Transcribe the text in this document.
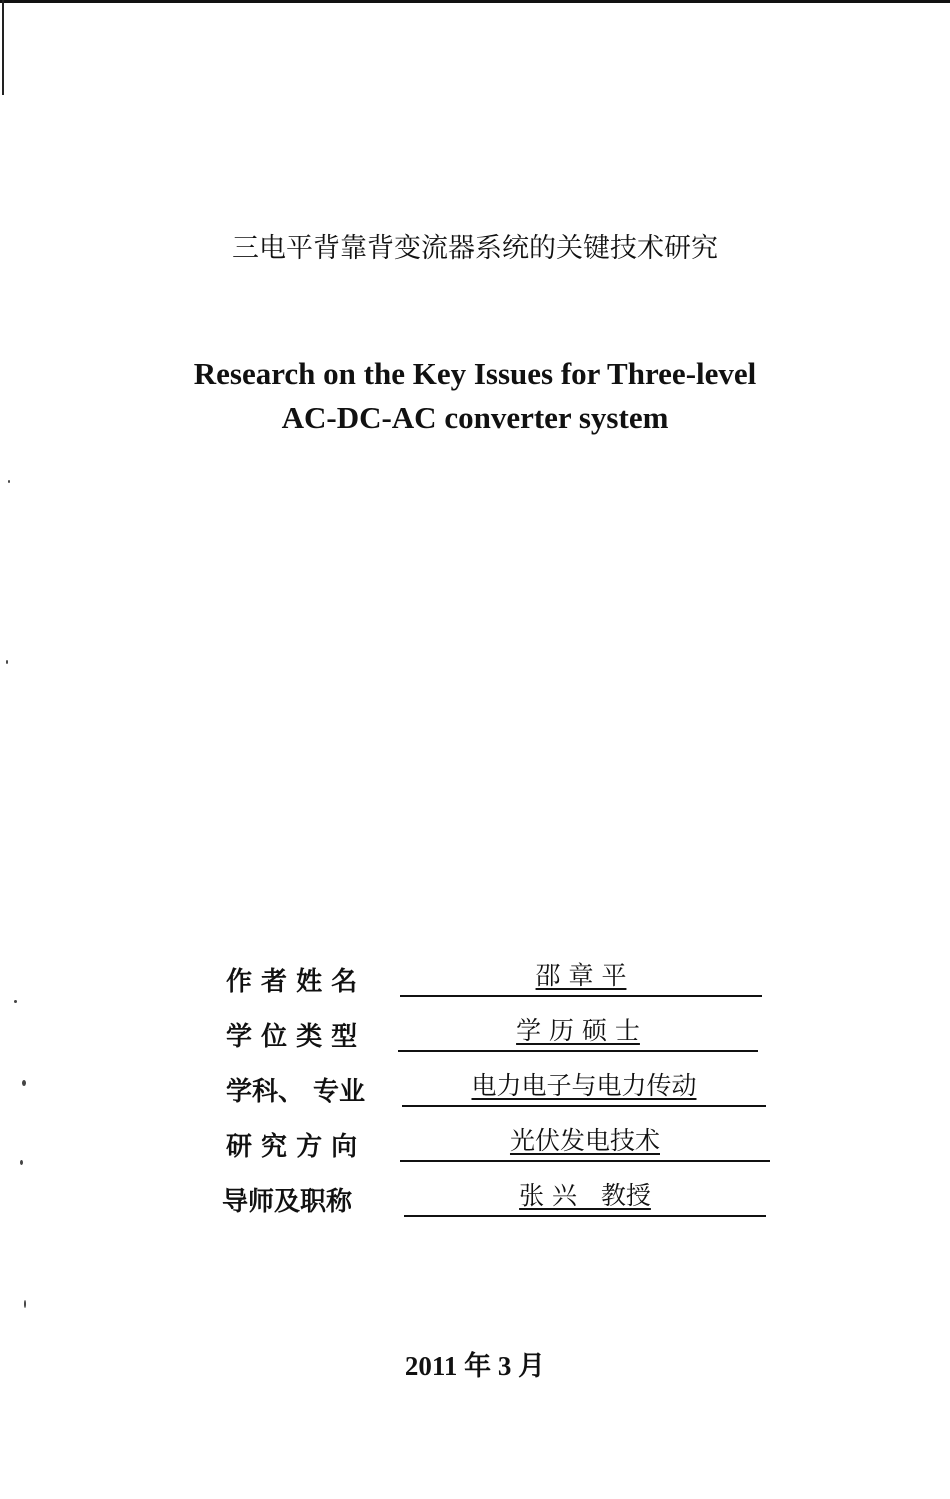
三电平背靠背变流器系统的关键技术研究
Research on the Key Issues for Three-level
AC-DC-AC converter system
作 者 姓 名	邵 章 平
学 位 类 型	学 历 硕 士
学科、 专业	电力电子与电力传动
研 究 方 向	光伏发电技术
导师及职称	张 兴   教授
2011 年 3 月
